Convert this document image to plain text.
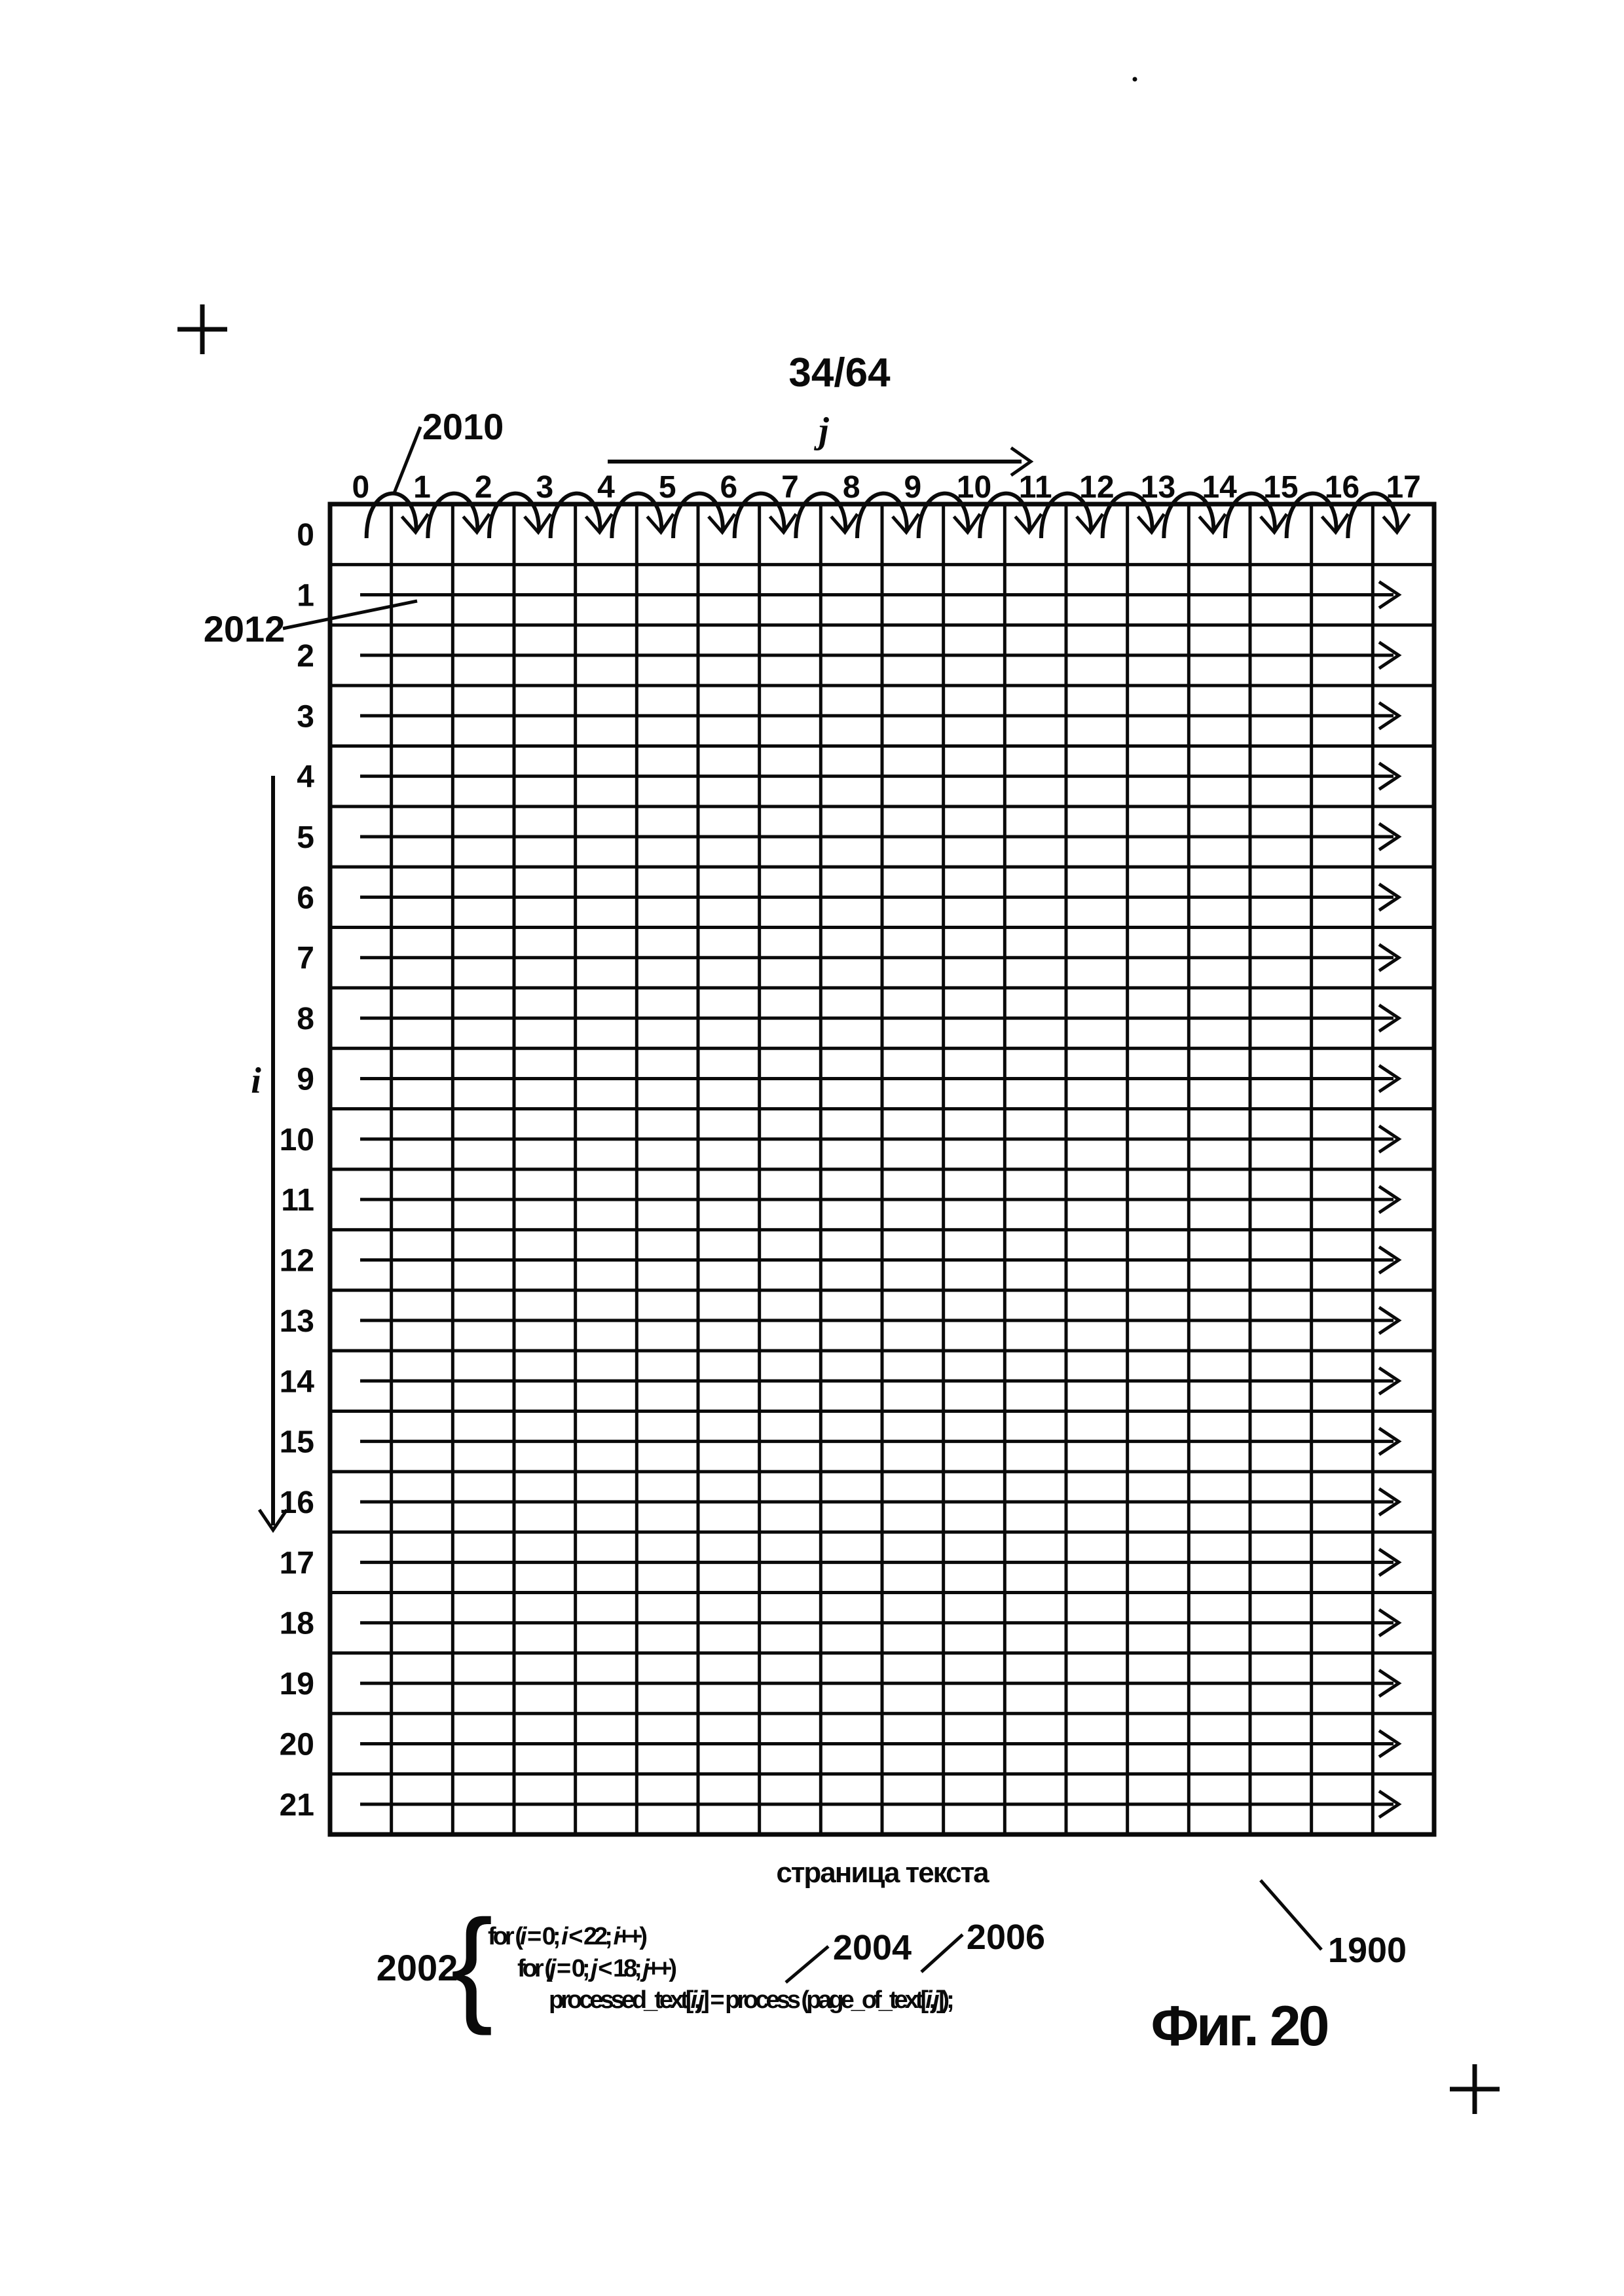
34/64
0 1 2 3 4 5 6 7 8 9 10 11 12 13 14 15 16 17
0
1
2
3
4
5
6
7
8
9
10
11
12
13
14
15
16
17
18
19
20
21
j
i
2010
2012
страница текста
1900
2002
{
for (i = 0; i < 22; i++)
for (j = 0; j < 18; j++)
processed_text[i,j] = process (page_of_text[i,j]);
2004 2006
Фиг. 20
